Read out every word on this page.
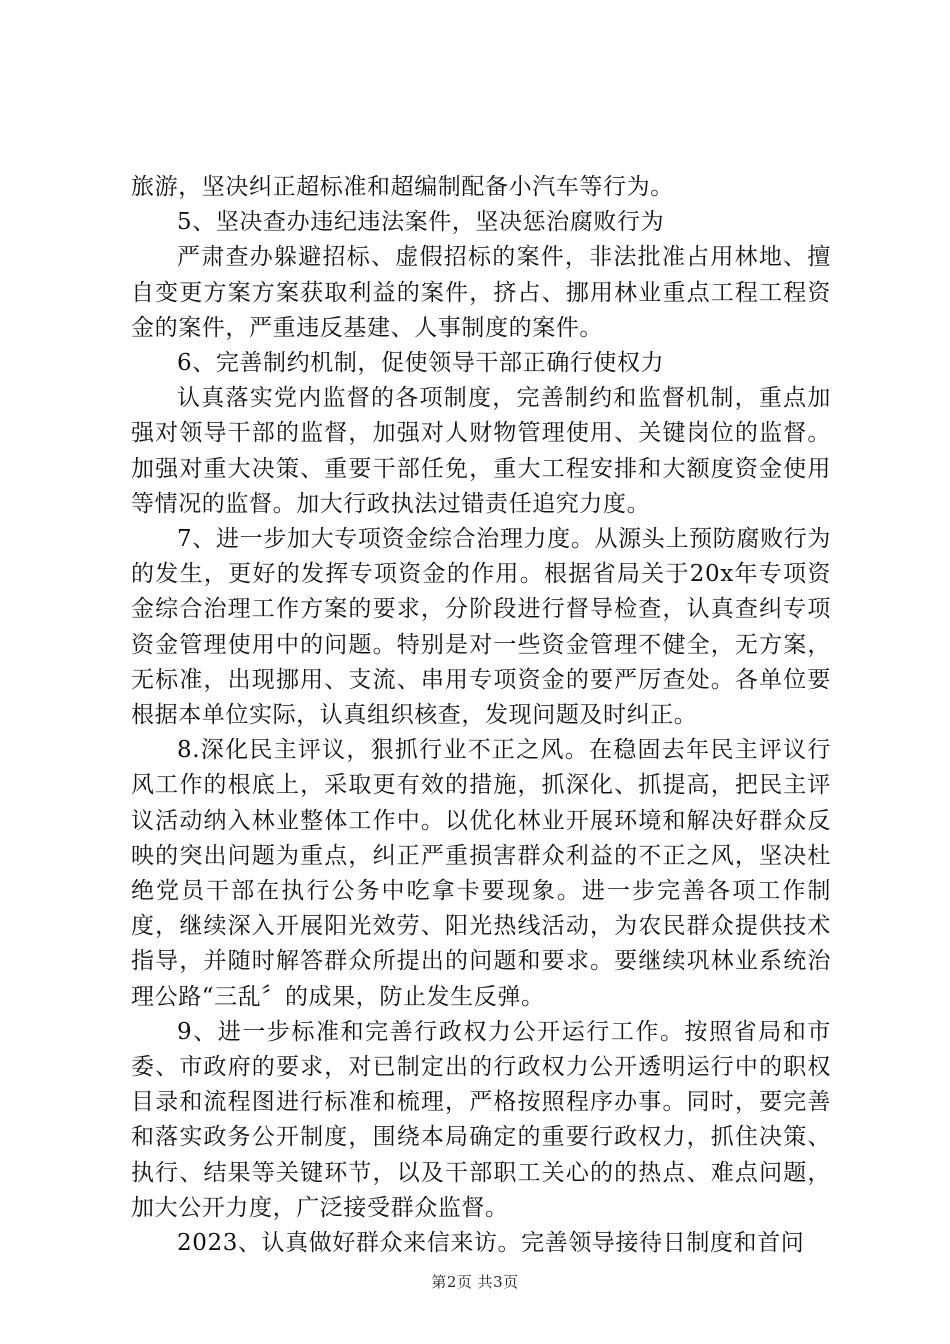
旅游，坚决纠正超标准和超编制配备小汽车等行为。

5、坚决查办违纪违法案件，坚决惩治腐败行为

严肃查办躲避招标、虚假招标的案件，非法批准占用林地、擅自变更方案方案获取利益的案件，挤占、挪用林业重点工程工程资金的案件，严重违反基建、人事制度的案件。

6、完善制约机制，促使领导干部正确行使权力

认真落实党内监督的各项制度，完善制约和监督机制，重点加强对领导干部的监督，加强对人财物管理使用、关键岗位的监督。加强对重大决策、重要干部任免，重大工程安排和大额度资金使用等情况的监督。加大行政执法过错责任追究力度。

7、进一步加大专项资金综合治理力度。从源头上预防腐败行为的发生，更好的发挥专项资金的作用。根据省局关于20x年专项资金综合治理工作方案的要求，分阶段进行督导检查，认真查纠专项资金管理使用中的问题。特别是对一些资金管理不健全，无方案，无标准，出现挪用、支流、串用专项资金的要严厉查处。各单位要根据本单位实际，认真组织核查，发现问题及时纠正。

8.深化民主评议，狠抓行业不正之风。在稳固去年民主评议行风工作的根底上，采取更有效的措施，抓深化、抓提高，把民主评议活动纳入林业整体工作中。以优化林业开展环境和解决好群众反映的突出问题为重点，纠正严重损害群众利益的不正之风，坚决杜绝党员干部在执行公务中吃拿卡要现象。进一步完善各项工作制度，继续深入开展阳光效劳、阳光热线活动，为农民群众提供技术指导，并随时解答群众所提出的问题和要求。要继续巩林业系统治理公路“三乱〞的成果，防止发生反弹。

9、进一步标准和完善行政权力公开运行工作。按照省局和市委、市政府的要求，对已制定出的行政权力公开透明运行中的职权目录和流程图进行标准和梳理，严格按照程序办事。同时，要完善和落实政务公开制度，围绕本局确定的重要行政权力，抓住决策、执行、结果等关键环节，以及干部职工关心的的热点、难点问题，加大公开力度，广泛接受群众监督。

2023、认真做好群众来信来访。完善领导接待日制度和首问

第2页 共3页
